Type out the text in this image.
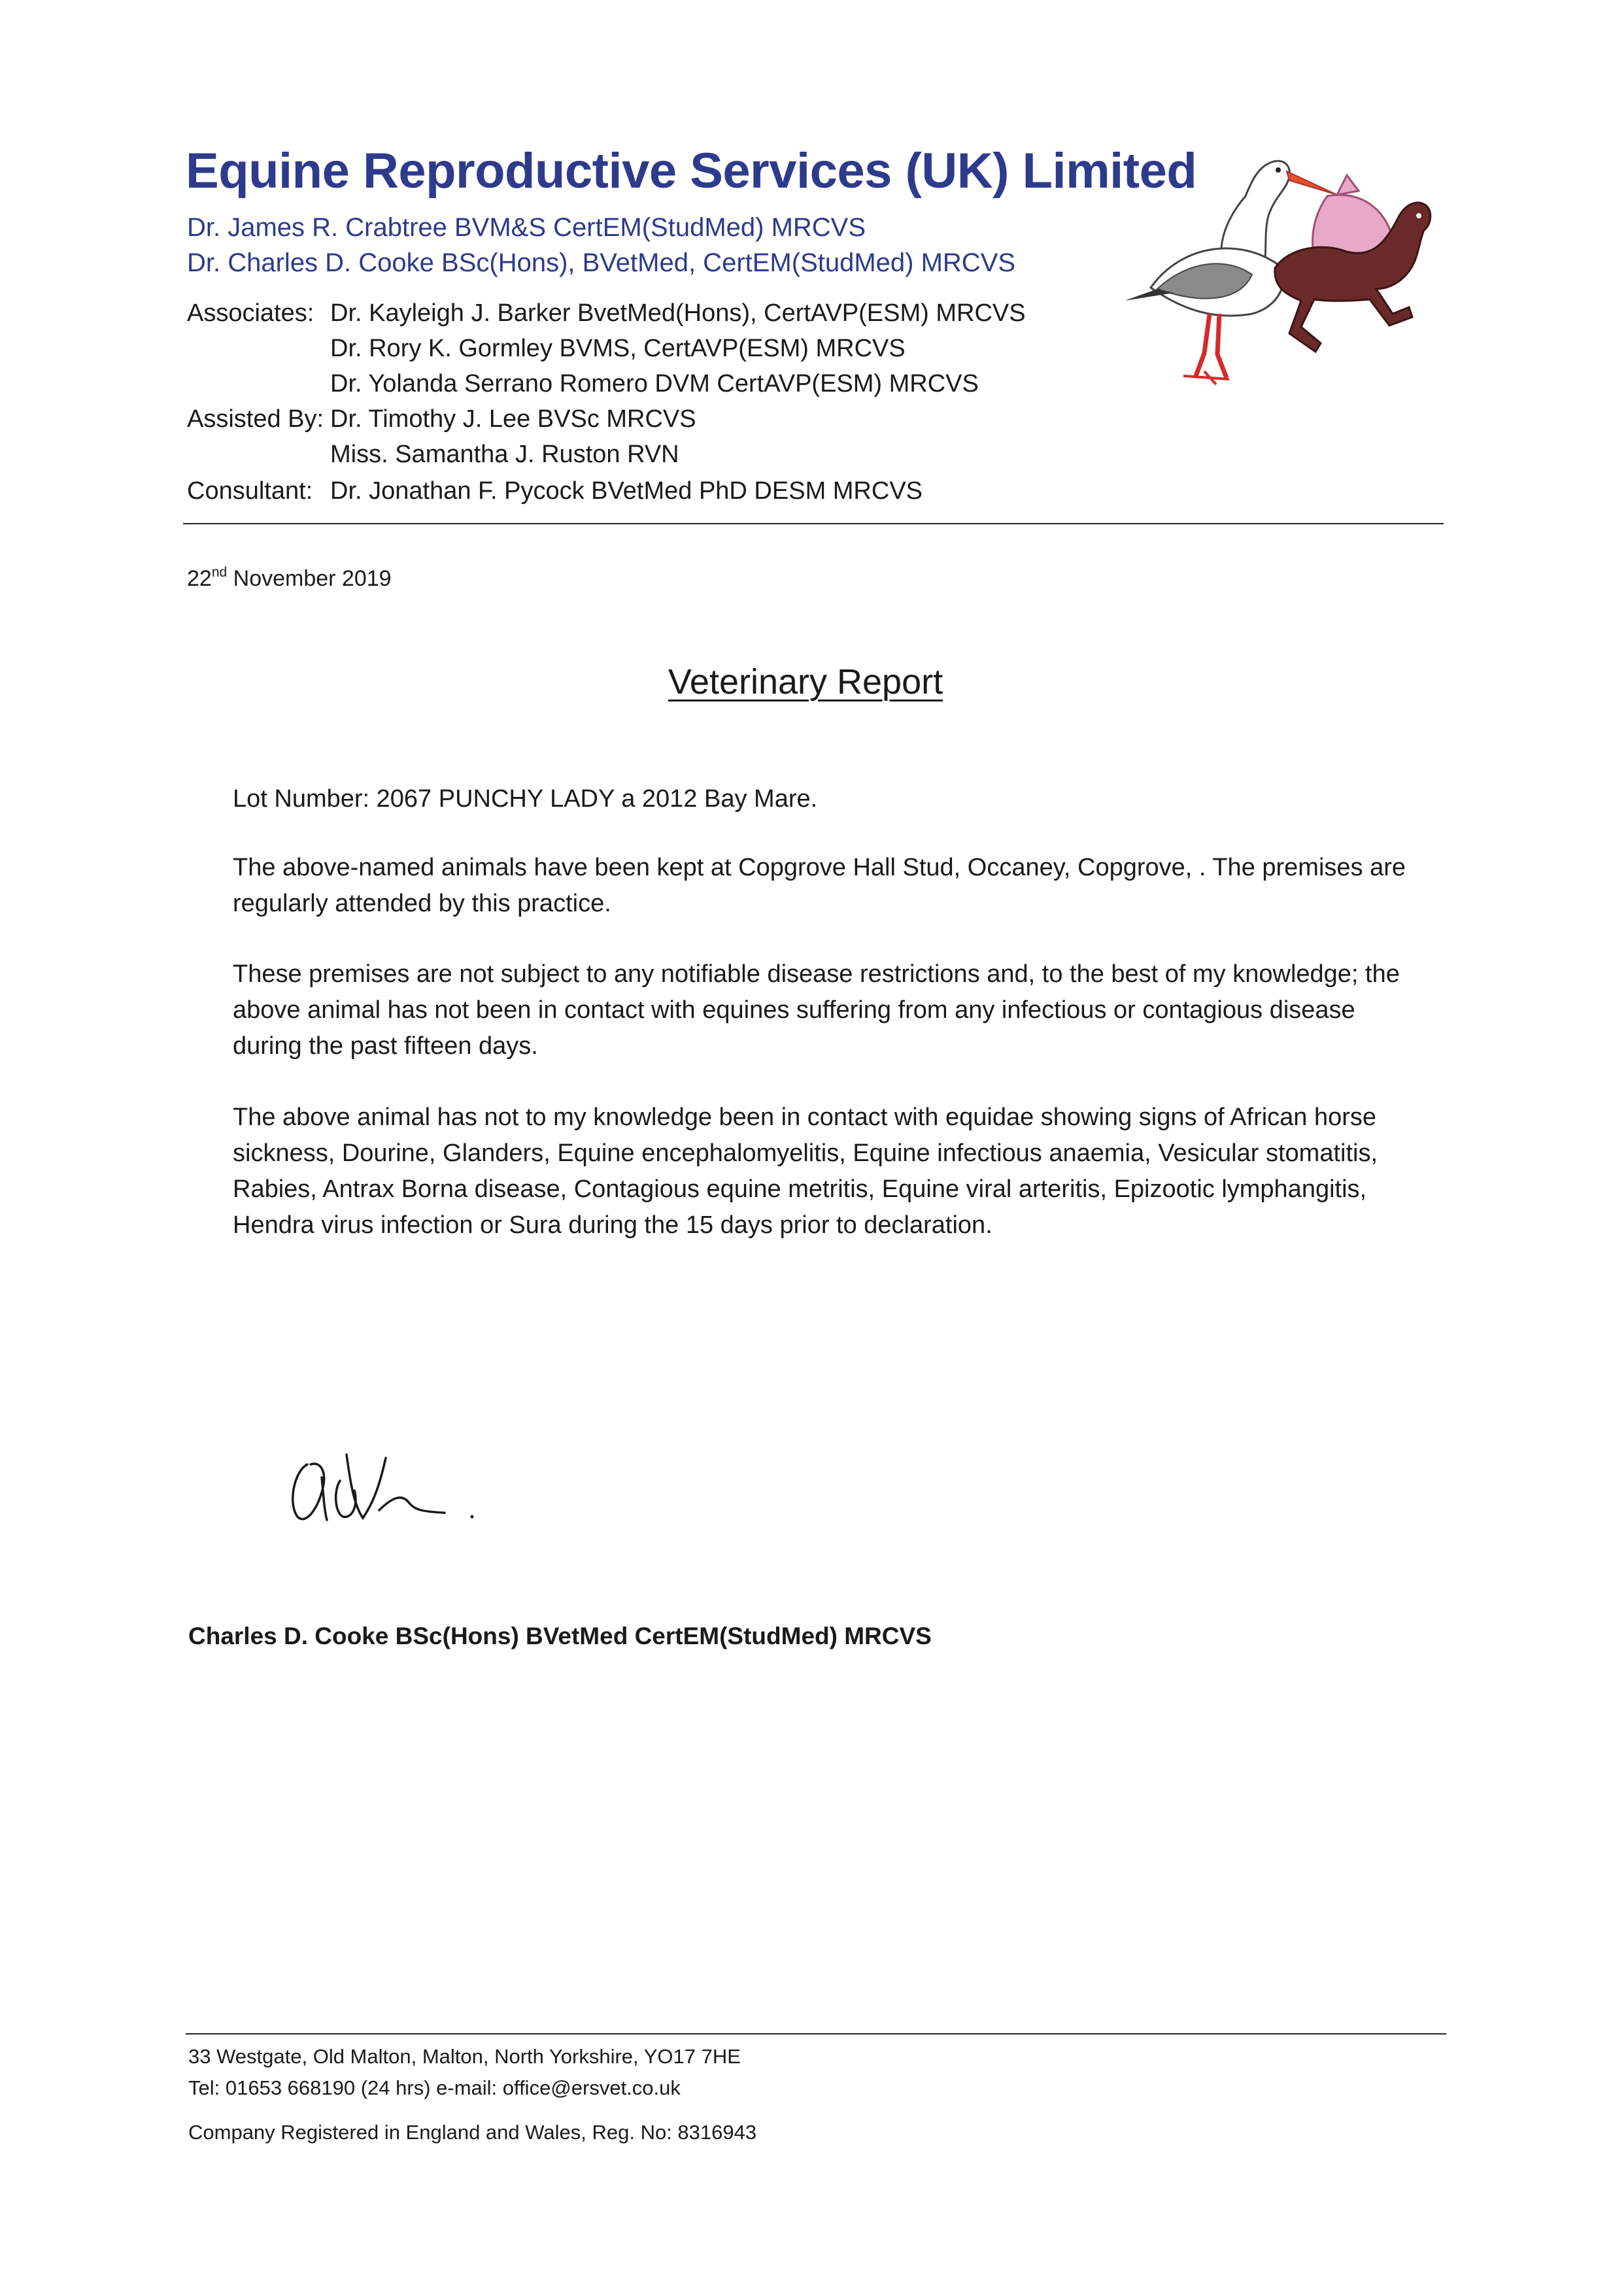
Equine Reproductive Services (UK) Limited
Dr. James R. Crabtree BVM&S CertEM(StudMed) MRCVS
Dr. Charles D. Cooke BSc(Hons), BVetMed, CertEM(StudMed) MRCVS
Associates: Dr. Kayleigh J. Barker BvetMed(Hons), CertAVP(ESM) MRCVS
Dr. Rory K. Gormley BVMS, CertAVP(ESM) MRCVS
Dr. Yolanda Serrano Romero DVM CertAVP(ESM) MRCVS
Assisted By: Dr. Timothy J. Lee BVSc MRCVS
Miss. Samantha J. Ruston RVN
Consultant: Dr. Jonathan F. Pycock BVetMed PhD DESM MRCVS
22nd November 2019
Veterinary Report
Lot Number: 2067 PUNCHY LADY a 2012 Bay Mare.
The above-named animals have been kept at Copgrove Hall Stud, Occaney, Copgrove, . The premises are regularly attended by this practice.
These premises are not subject to any notifiable disease restrictions and, to the best of my knowledge; the above animal has not been in contact with equines suffering from any infectious or contagious disease during the past fifteen days.
The above animal has not to my knowledge been in contact with equidae showing signs of African horse sickness, Dourine, Glanders, Equine encephalomyelitis, Equine infectious anaemia, Vesicular stomatitis, Rabies, Antrax Borna disease, Contagious equine metritis, Equine viral arteritis, Epizootic lymphangitis, Hendra virus infection or Sura during the 15 days prior to declaration.
Charles D. Cooke BSc(Hons) BVetMed CertEM(StudMed) MRCVS
33 Westgate, Old Malton, Malton, North Yorkshire, YO17 7HE
Tel: 01653 668190 (24 hrs) e-mail: office@ersvet.co.uk
Company Registered in England and Wales, Reg. No: 8316943
